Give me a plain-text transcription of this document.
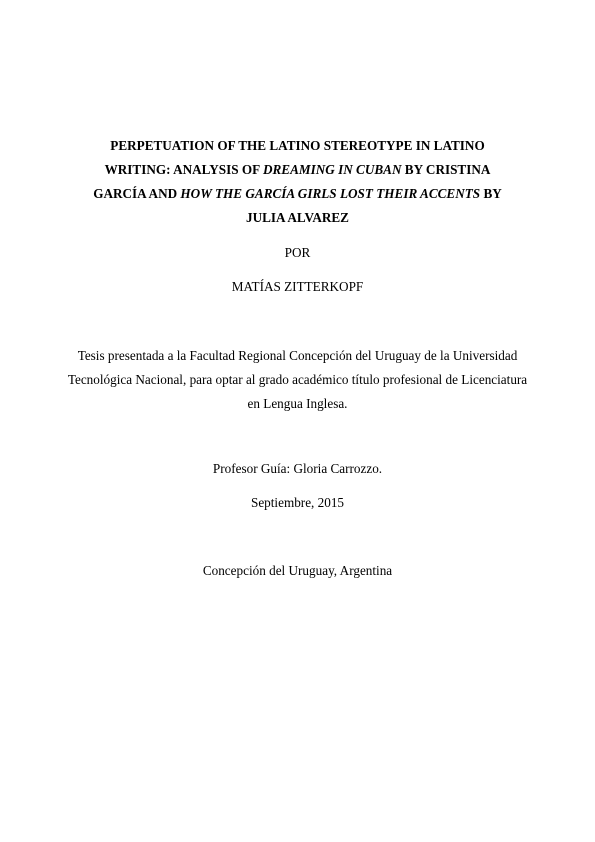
PERPETUATION OF THE LATINO STEREOTYPE IN LATINO WRITING: ANALYSIS OF DREAMING IN CUBAN BY CRISTINA GARCÍA AND HOW THE GARCÍA GIRLS LOST THEIR ACCENTS BY JULIA ALVAREZ
POR
MATÍAS ZITTERKOPF
Tesis presentada a la Facultad Regional Concepción del Uruguay de la Universidad Tecnológica Nacional, para optar al grado académico título profesional de Licenciatura en Lengua Inglesa.
Profesor Guía: Gloria Carrozzo.
Septiembre, 2015
Concepción del Uruguay, Argentina
